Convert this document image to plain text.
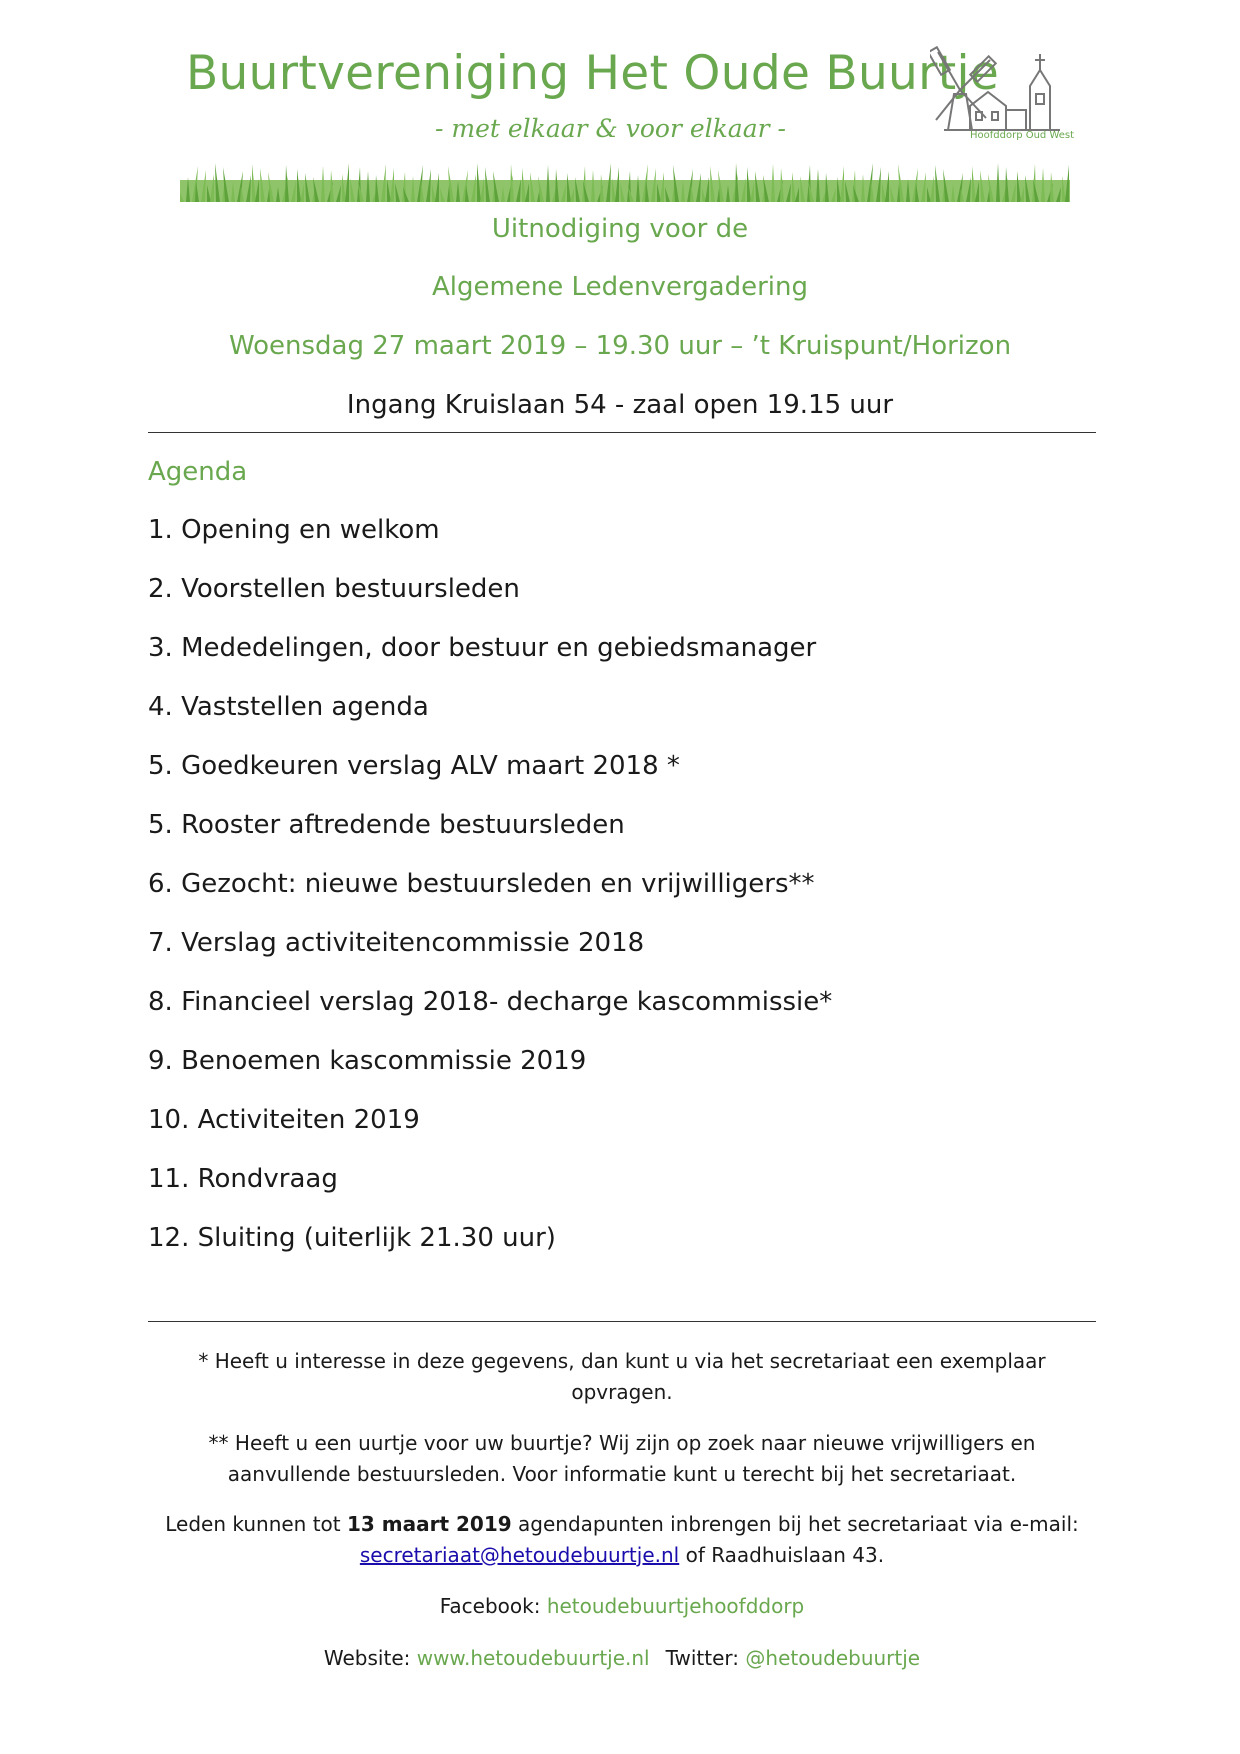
Buurtvereniging Het Oude Buurtje
- met elkaar & voor elkaar -	Hoofddorp Oud West
Uitnodiging voor de
Algemene Ledenvergadering
Woensdag 27 maart 2019 – 19.30 uur – ’t Kruispunt/Horizon
Ingang Kruislaan 54 - zaal open 19.15 uur
Agenda
1. Opening en welkom
2. Voorstellen bestuursleden
3. Mededelingen, door bestuur en gebiedsmanager
4. Vaststellen agenda
5. Goedkeuren verslag ALV maart 2018 *
5. Rooster aftredende bestuursleden
6. Gezocht: nieuwe bestuursleden en vrijwilligers**
7. Verslag activiteitencommissie 2018
8. Financieel verslag 2018- decharge kascommissie*
9. Benoemen kascommissie 2019
10. Activiteiten 2019
11. Rondvraag
12. Sluiting (uiterlijk 21.30 uur)
* Heeft u interesse in deze gegevens, dan kunt u via het secretariaat een exemplaar opvragen.
** Heeft u een uurtje voor uw buurtje? Wij zijn op zoek naar nieuwe vrijwilligers en aanvullende bestuursleden. Voor informatie kunt u terecht bij het secretariaat.
Leden kunnen tot 13 maart 2019 agendapunten inbrengen bij het secretariaat via e-mail:
secretariaat@hetoudebuurtje.nl of Raadhuislaan 43.
Facebook: hetoudebuurtjehoofddorp
Website: www.hetoudebuurtje.nl Twitter: @hetoudebuurtje
